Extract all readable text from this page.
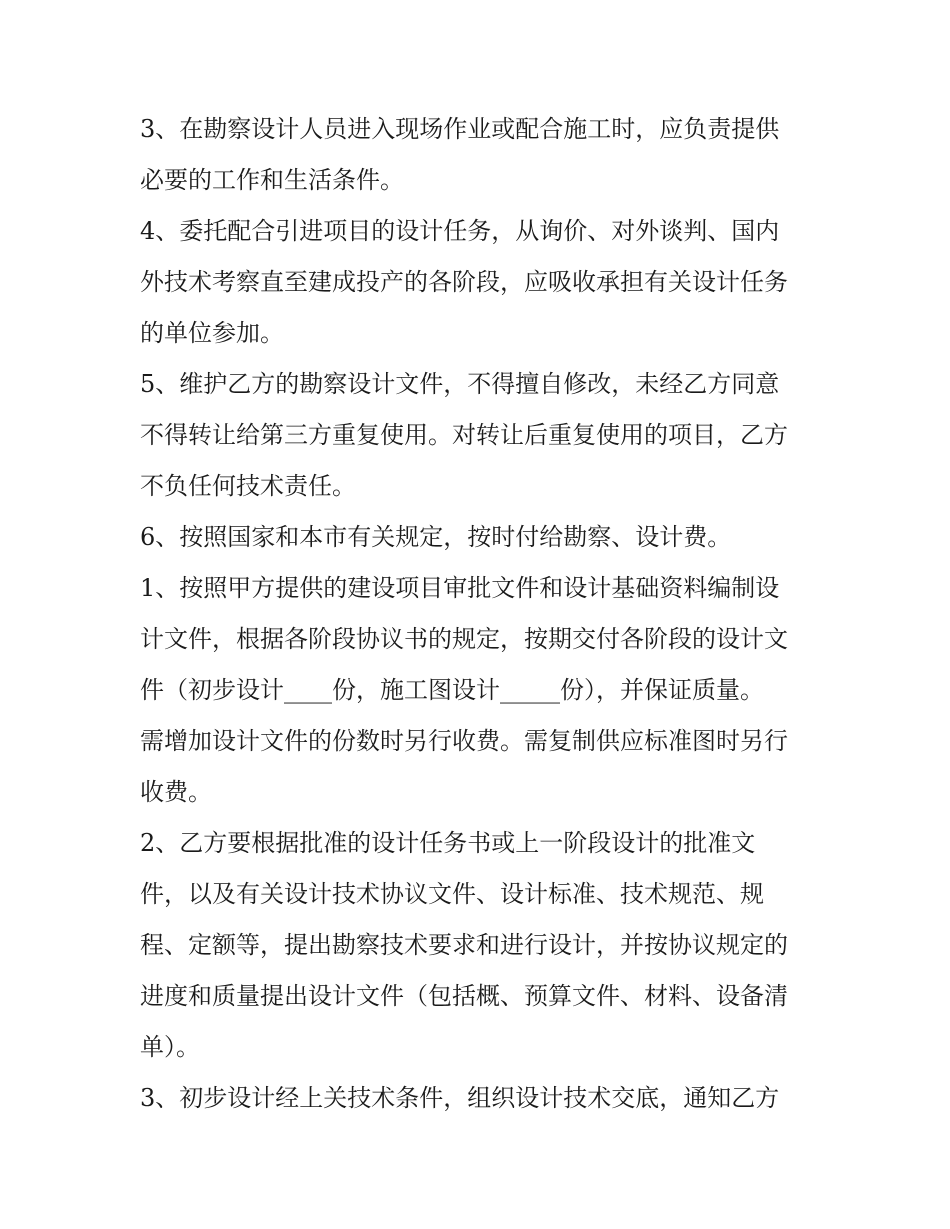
3、在勘察设计人员进入现场作业或配合施工时，应负责提供
必要的工作和生活条件。
4、委托配合引进项目的设计任务，从询价、对外谈判、国内
外技术考察直至建成投产的各阶段，应吸收承担有关设计任务
的单位参加。
5、维护乙方的勘察设计文件，不得擅自修改，未经乙方同意
不得转让给第三方重复使用。对转让后重复使用的项目，乙方
不负任何技术责任。
6、按照国家和本市有关规定，按时付给勘察、设计费。
1、按照甲方提供的建设项目审批文件和设计基础资料编制设
计文件，根据各阶段协议书的规定，按期交付各阶段的设计文
件（初步设计____份，施工图设计_____份），并保证质量。
需增加设计文件的份数时另行收费。需复制供应标准图时另行
收费。
2、乙方要根据批准的设计任务书或上一阶段设计的批准文
件，以及有关设计技术协议文件、设计标准、技术规范、规
程、定额等，提出勘察技术要求和进行设计，并按协议规定的
进度和质量提出设计文件（包括概、预算文件、材料、设备清
单）。
3、初步设计经上关技术条件，组织设计技术交底，通知乙方
